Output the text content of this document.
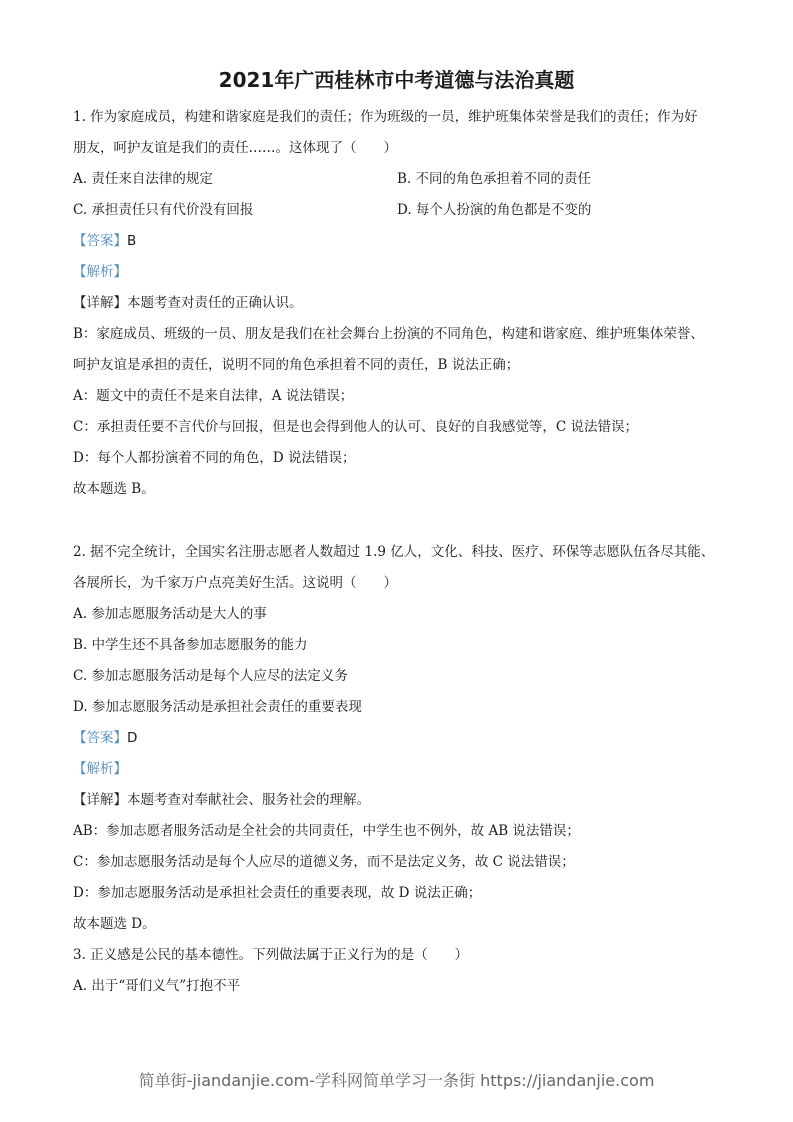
2021年广西桂林市中考道德与法治真题
1. 作为家庭成员，构建和谐家庭是我们的责任；作为班级的一员，维护班集体荣誉是我们的责任；作为好
朋友，呵护友谊是我们的责任……。这体现了（　　）
A. 责任来自法律的规定	B. 不同的角色承担着不同的责任
C. 承担责任只有代价没有回报	D. 每个人扮演的角色都是不变的
【答案】B
【解析】
【详解】本题考查对责任的正确认识。
B：家庭成员、班级的一员、朋友是我们在社会舞台上扮演的不同角色，构建和谐家庭、维护班集体荣誉、
呵护友谊是承担的责任，说明不同的角色承担着不同的责任，B 说法正确；
A：题文中的责任不是来自法律，A 说法错误；
C：承担责任要不言代价与回报，但是也会得到他人的认可、良好的自我感觉等，C 说法错误；
D：每个人都扮演着不同的角色，D 说法错误；
故本题选 B。
2. 据不完全统计，全国实名注册志愿者人数超过 1.9 亿人，文化、科技、医疗、环保等志愿队伍各尽其能、
各展所长，为千家万户点亮美好生活。这说明（　　）
A. 参加志愿服务活动是大人的事
B. 中学生还不具备参加志愿服务的能力
C. 参加志愿服务活动是每个人应尽的法定义务
D. 参加志愿服务活动是承担社会责任的重要表现
【答案】D
【解析】
【详解】本题考查对奉献社会、服务社会的理解。
AB：参加志愿者服务活动是全社会的共同责任，中学生也不例外，故 AB 说法错误；
C：参加志愿服务活动是每个人应尽的道德义务，而不是法定义务，故 C 说法错误；
D：参加志愿服务活动是承担社会责任的重要表现，故 D 说法正确；
故本题选 D。
3. 正义感是公民的基本德性。下列做法属于正义行为的是（　　）
A. 出于“哥们义气”打抱不平
简单街-jiandanjie.com-学科网简单学习一条街 https://jiandanjie.com
